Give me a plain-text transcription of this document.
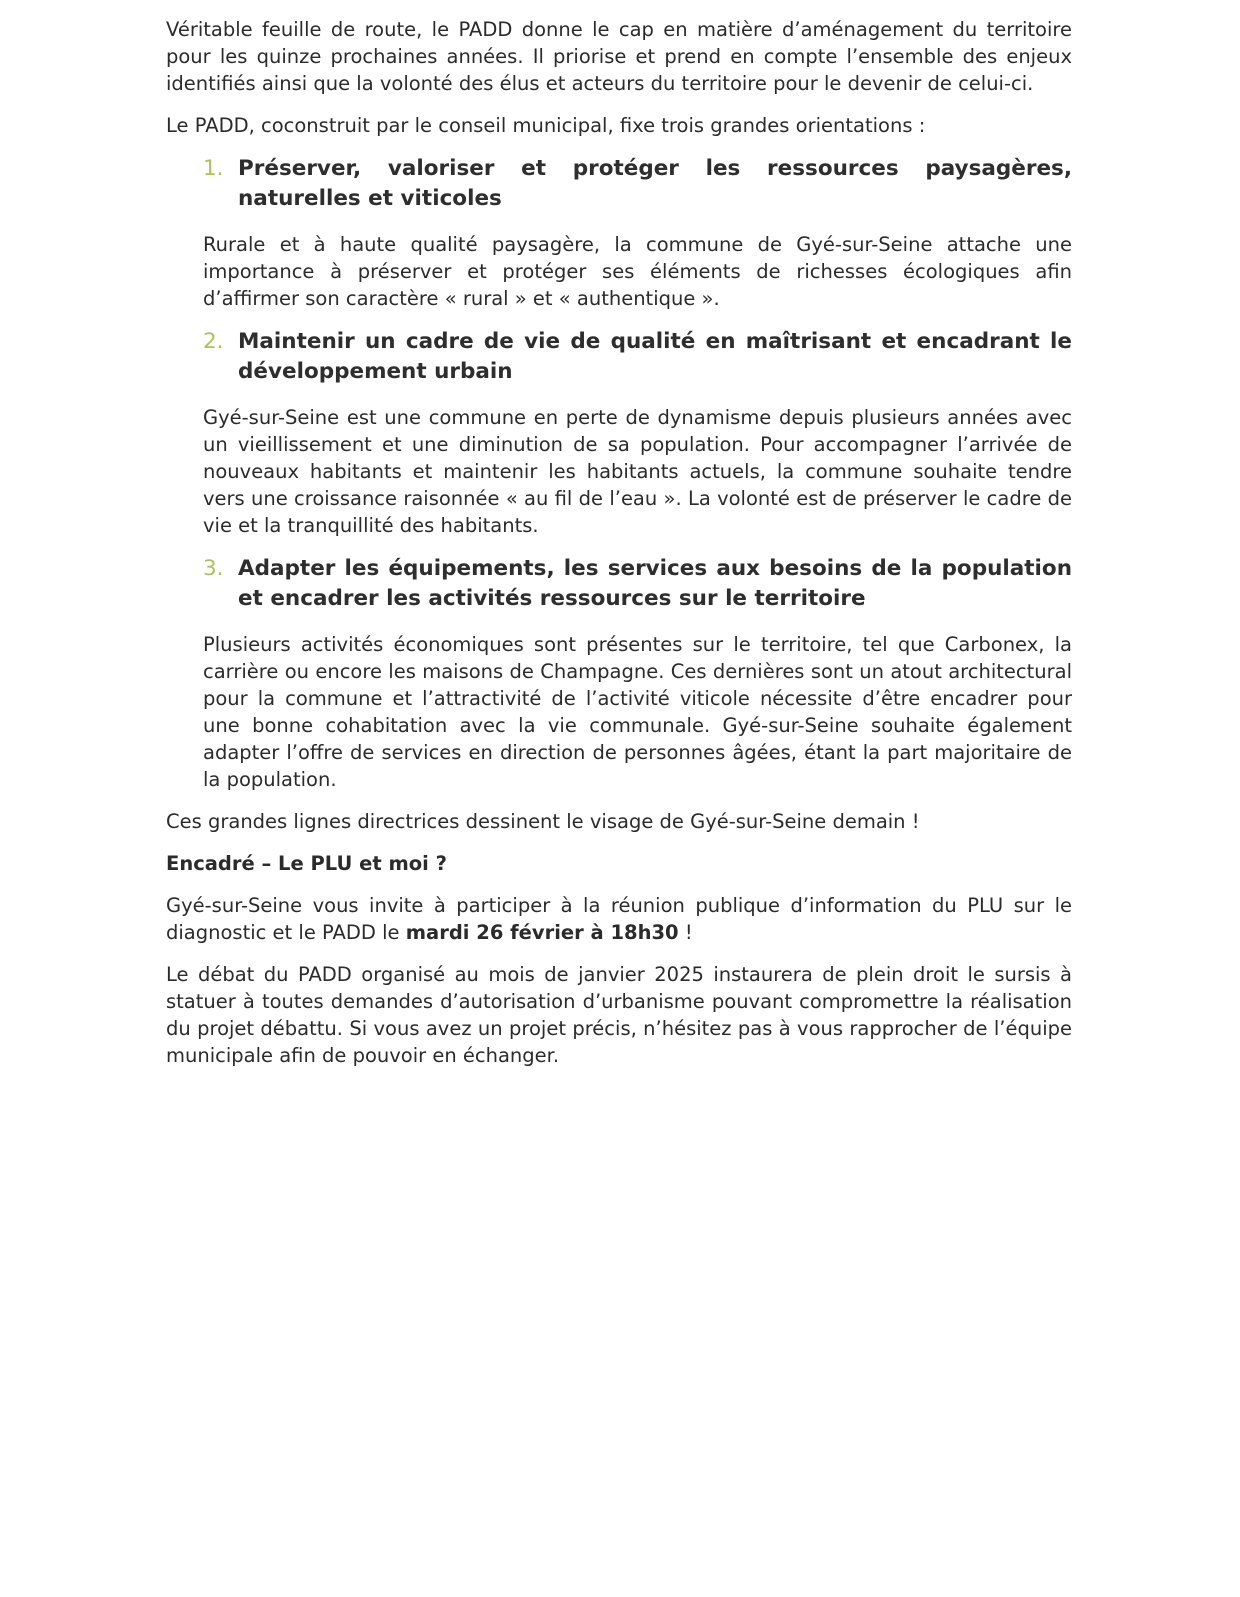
Véritable feuille de route, le PADD donne le cap en matière d’aménagement du territoire pour les quinze prochaines années. Il priorise et prend en compte l’ensemble des enjeux identifiés ainsi que la volonté des élus et acteurs du territoire pour le devenir de celui-ci.

Le PADD, coconstruit par le conseil municipal, fixe trois grandes orientations :

1. Préserver, valoriser et protéger les ressources paysagères, naturelles et viticoles

Rurale et à haute qualité paysagère, la commune de Gyé-sur-Seine attache une importance à préserver et protéger ses éléments de richesses écologiques afin d’affirmer son caractère « rural » et « authentique ».

2. Maintenir un cadre de vie de qualité en maîtrisant et encadrant le développement urbain

Gyé-sur-Seine est une commune en perte de dynamisme depuis plusieurs années avec un vieillissement et une diminution de sa population. Pour accompagner l’arrivée de nouveaux habitants et maintenir les habitants actuels, la commune souhaite tendre vers une croissance raisonnée « au fil de l’eau ». La volonté est de préserver le cadre de vie et la tranquillité des habitants.

3. Adapter les équipements, les services aux besoins de la population et encadrer les activités ressources sur le territoire

Plusieurs activités économiques sont présentes sur le territoire, tel que Carbonex, la carrière ou encore les maisons de Champagne. Ces dernières sont un atout architectural pour la commune et l’attractivité de l’activité viticole nécessite d’être encadrer pour une bonne cohabitation avec la vie communale. Gyé-sur-Seine souhaite également adapter l’offre de services en direction de personnes âgées, étant la part majoritaire de la population.

Ces grandes lignes directrices dessinent le visage de Gyé-sur-Seine demain !

Encadré – Le PLU et moi ?

Gyé-sur-Seine vous invite à participer à la réunion publique d’information du PLU sur le diagnostic et le PADD le mardi 26 février à 18h30 !

Le débat du PADD organisé au mois de janvier 2025 instaurera de plein droit le sursis à statuer à toutes demandes d’autorisation d’urbanisme pouvant compromettre la réalisation du projet débattu. Si vous avez un projet précis, n’hésitez pas à vous rapprocher de l’équipe municipale afin de pouvoir en échanger.
